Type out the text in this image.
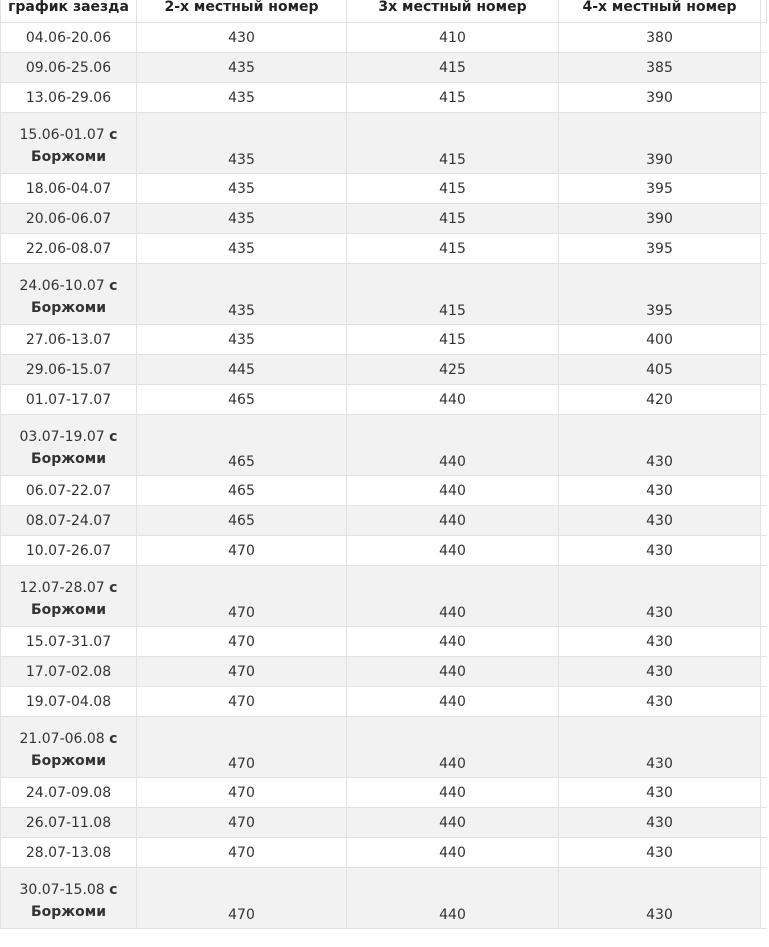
график заезда	2-х местный номер	3х местный номер	4-х местный номер	
04.06-20.06	430	410	380	
09.06-25.06	435	415	385	
13.06-29.06	435	415	390	
15.06-01.07 с
Боржоми	435	415	390	
18.06-04.07	435	415	395	
20.06-06.07	435	415	390	
22.06-08.07	435	415	395	
24.06-10.07 с
Боржоми	435	415	395	
27.06-13.07	435	415	400	
29.06-15.07	445	425	405	
01.07-17.07	465	440	420	
03.07-19.07 с
Боржоми	465	440	430	
06.07-22.07	465	440	430	
08.07-24.07	465	440	430	
10.07-26.07	470	440	430	
12.07-28.07 с
Боржоми	470	440	430	
15.07-31.07	470	440	430	
17.07-02.08	470	440	430	
19.07-04.08	470	440	430	
21.07-06.08 с
Боржоми	470	440	430	
24.07-09.08	470	440	430	
26.07-11.08	470	440	430	
28.07-13.08	470	440	430	
30.07-15.08 с
Боржоми	470	440	430	
